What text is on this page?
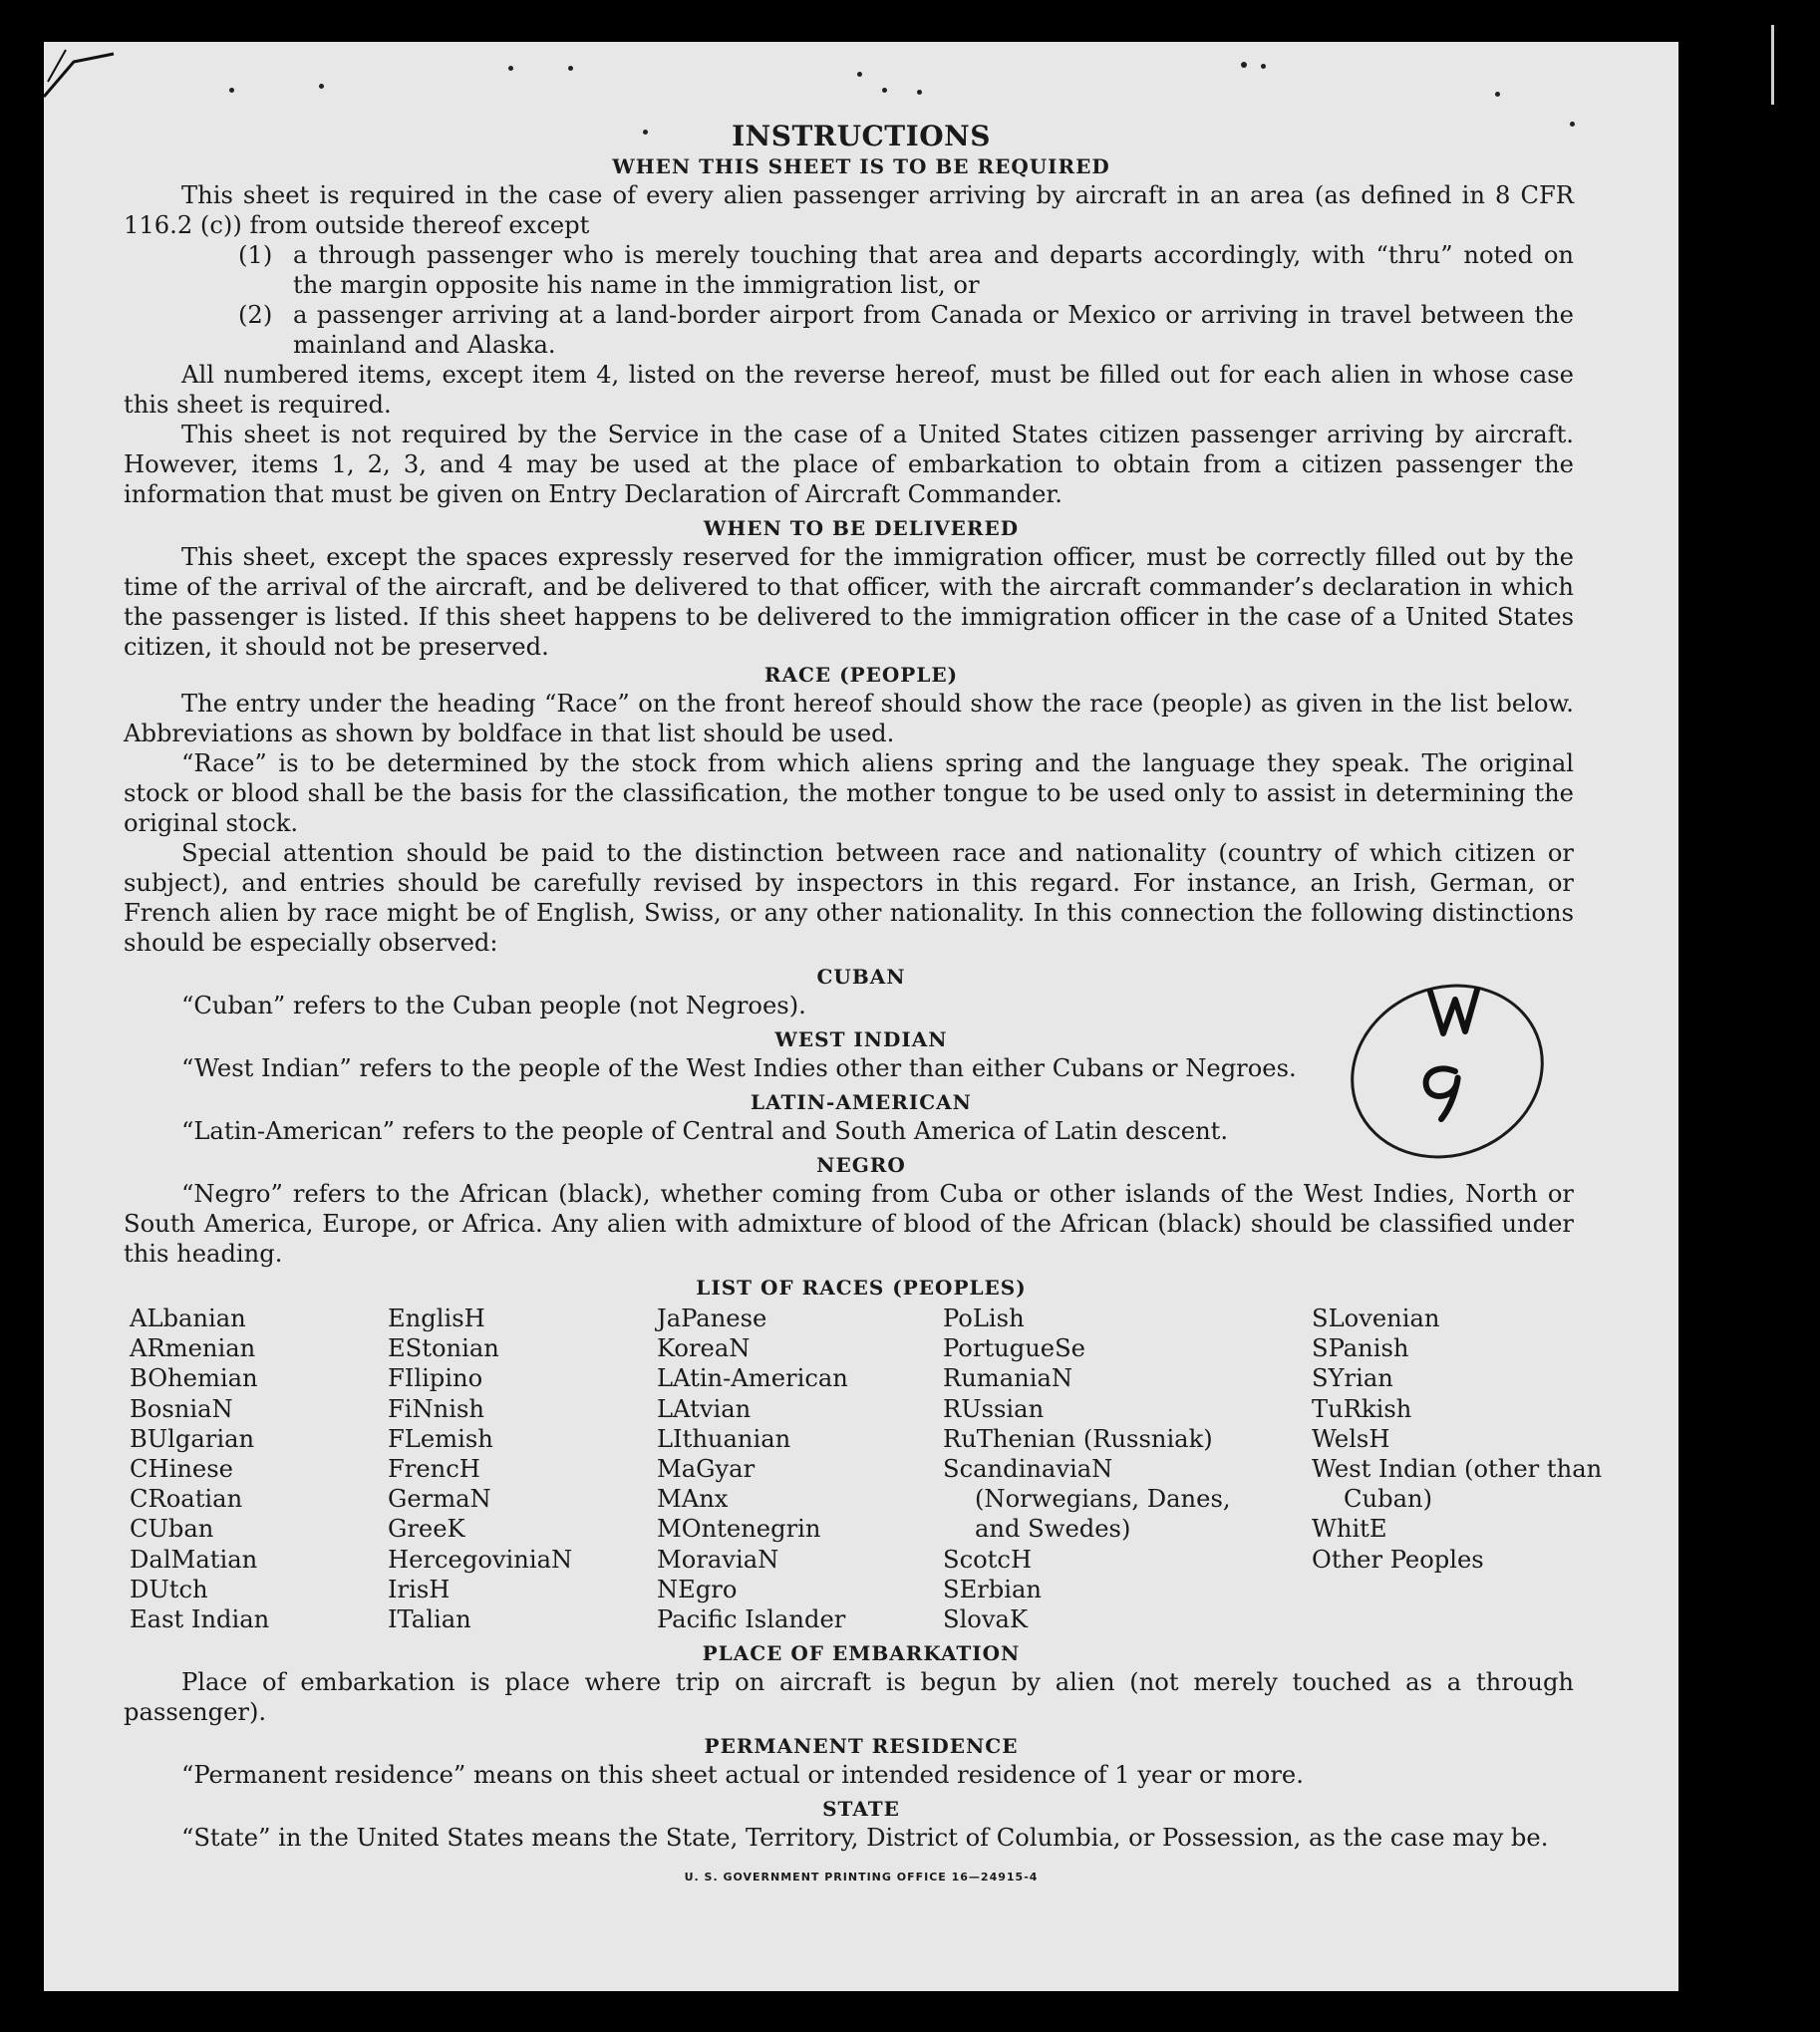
INSTRUCTIONS
WHEN THIS SHEET IS TO BE REQUIRED
This sheet is required in the case of every alien passenger arriving by aircraft in an area (as defined in 8 CFR 116.2 (c)) from outside thereof except
(1) a through passenger who is merely touching that area and departs accordingly, with “thru” noted on the margin opposite his name in the immigration list, or
(2) a passenger arriving at a land-border airport from Canada or Mexico or arriving in travel between the mainland and Alaska.
All numbered items, except item 4, listed on the reverse hereof, must be filled out for each alien in whose case this sheet is required.
This sheet is not required by the Service in the case of a United States citizen passenger arriving by aircraft. However, items 1, 2, 3, and 4 may be used at the place of embarkation to obtain from a citizen passenger the information that must be given on Entry Declaration of Aircraft Commander.
WHEN TO BE DELIVERED
This sheet, except the spaces expressly reserved for the immigration officer, must be correctly filled out by the time of the arrival of the aircraft, and be delivered to that officer, with the aircraft commander’s declaration in which the passenger is listed. If this sheet happens to be delivered to the immigration officer in the case of a United States citizen, it should not be preserved.
RACE (PEOPLE)
The entry under the heading “Race” on the front hereof should show the race (people) as given in the list below. Abbreviations as shown by boldface in that list should be used.
“Race” is to be determined by the stock from which aliens spring and the language they speak. The original stock or blood shall be the basis for the classification, the mother tongue to be used only to assist in determining the original stock.
Special attention should be paid to the distinction between race and nationality (country of which citizen or subject), and entries should be carefully revised by inspectors in this regard. For instance, an Irish, German, or French alien by race might be of English, Swiss, or any other nationality. In this connection the following distinctions should be especially observed:
CUBAN
“Cuban” refers to the Cuban people (not Negroes).
WEST INDIAN
“West Indian” refers to the people of the West Indies other than either Cubans or Negroes.
LATIN-AMERICAN
“Latin-American” refers to the people of Central and South America of Latin descent.
NEGRO
“Negro” refers to the African (black), whether coming from Cuba or other islands of the West Indies, North or South America, Europe, or Africa. Any alien with admixture of blood of the African (black) should be classified under this heading.
LIST OF RACES (PEOPLES)
ALbanian
ARmenian
BOhemian
BosniaN
BUlgarian
CHinese
CRoatian
CUban
DalMatian
DUtch
East Indian
EnglisH
EStonian
FIlipino
FiNnish
FLemish
FrencH
GermaN
GreeK
HercegoviniaN
IrisH
ITalian
JaPanese
KoreaN
LAtin-American
LAtvian
LIthuanian
MaGyar
MAnx
MOntenegrin
MoraviaN
NEgro
Pacific Islander
PoLish
PortugueSe
RumaniaN
RUssian
RuThenian (Russniak)
ScandinaviaN (Norwegians, Danes, and Swedes)
ScotcH
SErbian
SlovaK
SLovenian
SPanish
SYrian
TuRkish
WelsH
West Indian (other than Cuban)
WhitE
Other Peoples
PLACE OF EMBARKATION
Place of embarkation is place where trip on aircraft is begun by alien (not merely touched as a through passenger).
PERMANENT RESIDENCE
“Permanent residence” means on this sheet actual or intended residence of 1 year or more.
STATE
“State” in the United States means the State, Territory, District of Columbia, or Possession, as the case may be.
U. S. GOVERNMENT PRINTING OFFICE 16—24915-4
